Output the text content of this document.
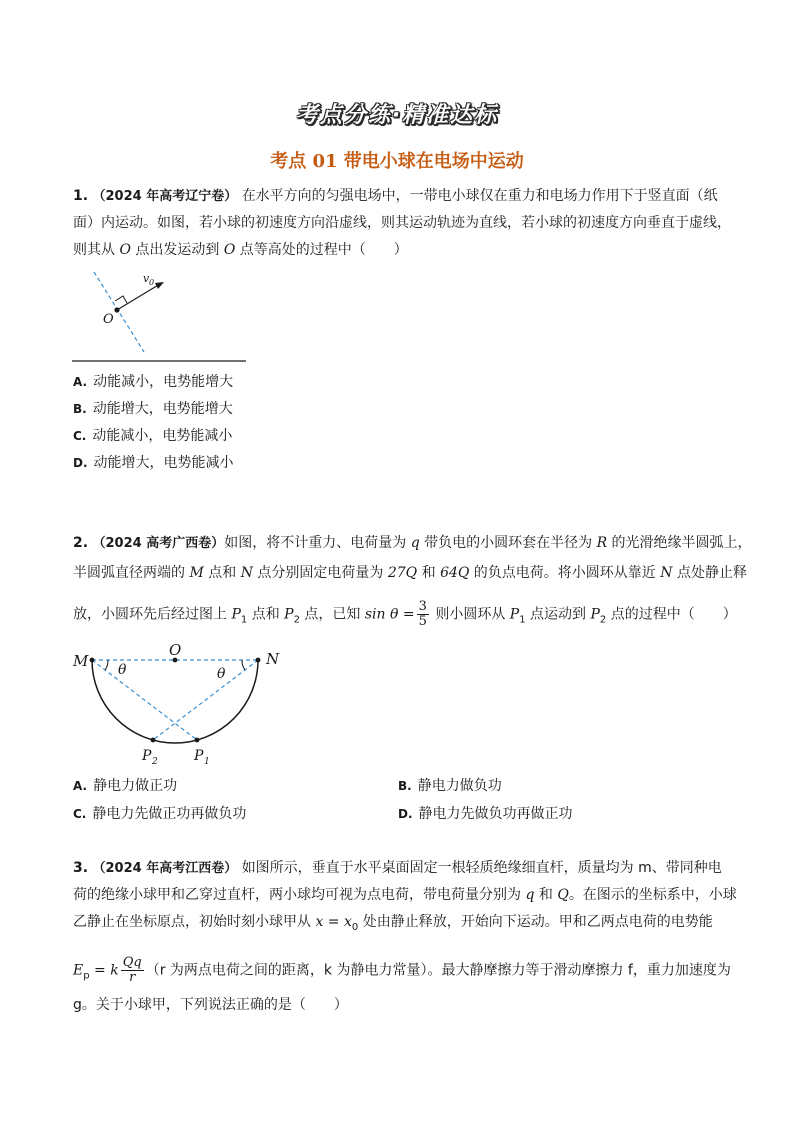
考点分练·精准达标
考点 01 带电小球在电场中运动
1. （2024 年高考辽宁卷） 在水平方向的匀强电场中，一带电小球仅在重力和电场力作用下于竖直面（纸
面）内运动。如图，若小球的初速度方向沿虚线，则其运动轨迹为直线，若小球的初速度方向垂直于虚线，
则其从 O 点出发运动到 O 点等高处的过程中（　　）
O
v 0
A. 动能减小，电势能增大
B. 动能增大，电势能增大
C. 动能减小，电势能减小
D. 动能增大，电势能减小
2. （2024 高考广西卷）如图，将不计重力、电荷量为 q 带负电的小圆环套在半径为 R 的光滑绝缘半圆弧上，
半圆弧直径两端的 M 点和 N 点分别固定电荷量为 27Q 和 64Q 的负点电荷。将小圆环从靠近 N 点处静止释
放，小圆环先后经过图上 $P_1$ 点和 $P_2$ 点，已知 $\sin \theta = \frac{3}{5}$ 则小圆环从 $P_1$ 点运动到 $P_2$ 点的过程中（　　）
M
O	N
θ	θ
P 2	P 1
A. 静电力做正功	B. 静电力做负功
C. 静电力先做正功再做负功	D. 静电力先做负功再做正功
3. （2024 年高考江西卷） 如图所示，垂直于水平桌面固定一根轻质绝缘细直杆，质量均为 m、带同种电
荷的绝缘小球甲和乙穿过直杆，两小球均可视为点电荷，带电荷量分别为 q 和 Q。在图示的坐标系中，小球
乙静止在坐标原点，初始时刻小球甲从 $x = x_0$ 处由静止释放，开始向下运动。甲和乙两点电荷的电势能
$E_p = k \frac{Qq}{r} (r$ 为两点电荷之间的距离，k 为静电力常量）。最大静摩擦力等于滑动摩擦力 f，重力加速度为
g。关于小球甲，下列说法正确的是（　　）
